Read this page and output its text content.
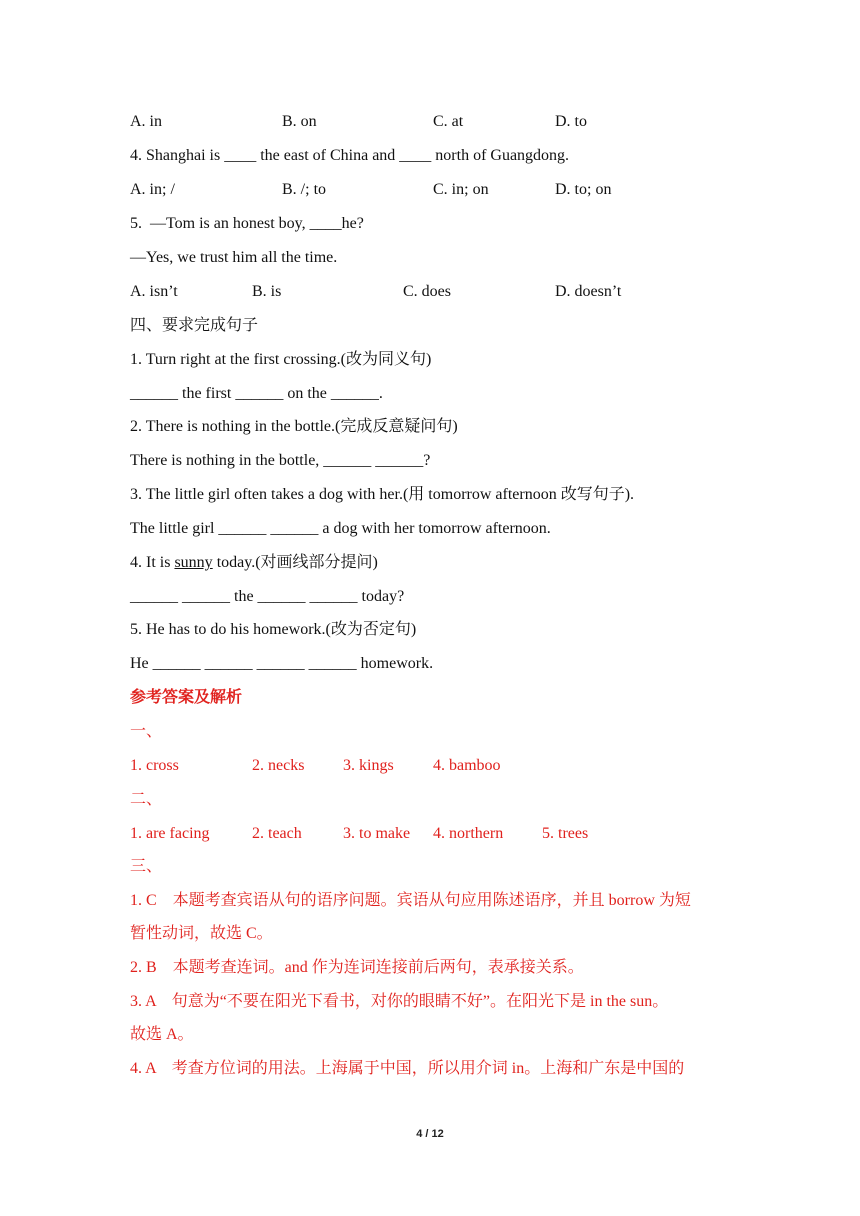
A. in

	B. on

	C. at

	D. to

4. Shanghai is ____ the east of China and ____ north of Guangdong.

A. in; /

	B. /; to

	C. in; on

	D. to; on

5.  —Tom is an honest boy, ____he?
—Yes, we trust him all the time.

A. isn’t

	B. is

	C. does

	D. doesn’t

四、要求完成句子
1. Turn right at the first crossing.(改为同义句)
______ the first ______ on the ______.
2. There is nothing in the bottle.(完成反意疑问句)
There is nothing in the bottle, ______ ______?
3. The little girl often takes a dog with her.(用 tomorrow afternoon 改写句子).
The little girl ______ ______ a dog with her tomorrow afternoon.
4. It is sunny today.(对画线部分提问)
______ ______ the ______ ______ today?
5. He has to do his homework.(改为否定句)
He ______ ______ ______ ______ homework.
参考答案及解析
一、

1. cross

	2. necks

3. kings

4. bamboo

二、

1. are facing

	2. teach

	3. to make

4. northern

5. trees

三、
1. C    本题考查宾语从句的语序问题。宾语从句应用陈述语序，并且 borrow 为短
暂性动词，故选 C。
2. B    本题考查连词。and 作为连词连接前后两句，表承接关系。
3. A    句意为“不要在阳光下看书，对你的眼睛不好”。在阳光下是 in the sun。
故选 A。
4. A    考查方位词的用法。上海属于中国，所以用介词 in。上海和广东是中国的
4 / 12
